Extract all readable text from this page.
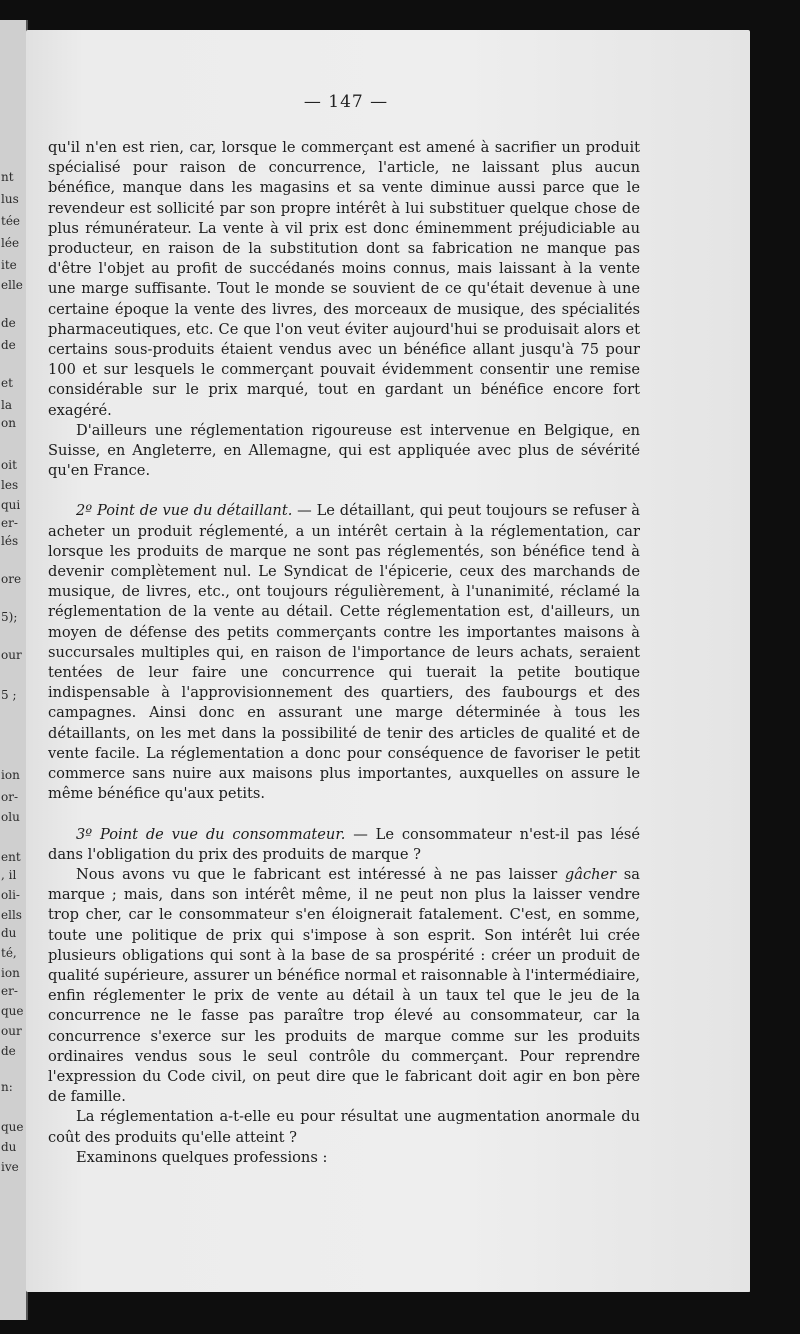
nt
lus
tée
lée
ite
elle
de
de
et
la
on
oit
les
qui
er-
lés
ore
5);
our
5 ;
ion
or-
olu
ent
, il
oli-
ells
du
té,
ion
er-
que
our
de
n:
que
du
ive
— 147 —

qu'il n'en est rien, car, lorsque le commerçant est amené à sacrifier un produit spécialisé pour raison de concurrence, l'article, ne laissant plus aucun bénéfice, manque dans les magasins et sa vente diminue aussi parce que le revendeur est sollicité par son propre intérêt à lui substituer quelque chose de plus rémunérateur. La vente à vil prix est donc éminemment préjudiciable au producteur, en raison de la substitution dont sa fabrication ne manque pas d'être l'objet au profit de succédanés moins connus, mais laissant à la vente une marge suffisante. Tout le monde se souvient de ce qu'était devenue à une certaine époque la vente des livres, des morceaux de musique, des spécialités pharmaceutiques, etc. Ce que l'on veut éviter aujourd'hui se produisait alors et certains sous-produits étaient vendus avec un bénéfice allant jusqu'à 75 pour 100 et sur lesquels le commerçant pouvait évidemment consentir une remise considérable sur le prix marqué, tout en gardant un bénéfice encore fort exagéré.

D'ailleurs une réglementation rigoureuse est intervenue en Belgique, en Suisse, en Angleterre, en Allemagne, qui est appliquée avec plus de sévérité qu'en France.

2º Point de vue du détaillant. — Le détaillant, qui peut toujours se refuser à acheter un produit réglementé, a un intérêt certain à la réglementation, car lorsque les produits de marque ne sont pas réglementés, son bénéfice tend à devenir complètement nul. Le Syndicat de l'épicerie, ceux des marchands de musique, de livres, etc., ont toujours régulièrement, à l'unanimité, réclamé la réglementation de la vente au détail. Cette réglementation est, d'ailleurs, un moyen de défense des petits commerçants contre les importantes maisons à succursales multiples qui, en raison de l'importance de leurs achats, seraient tentées de leur faire une concurrence qui tuerait la petite boutique indispensable à l'approvisionnement des quartiers, des faubourgs et des campagnes. Ainsi donc en assurant une marge déterminée à tous les détaillants, on les met dans la possibilité de tenir des articles de qualité et de vente facile. La réglementation a donc pour conséquence de favoriser le petit commerce sans nuire aux maisons plus importantes, auxquelles on assure le même bénéfice qu'aux petits.

3º Point de vue du consommateur. — Le consommateur n'est-il pas lésé dans l'obligation du prix des produits de marque ?

Nous avons vu que le fabricant est intéressé à ne pas laisser gâcher sa marque ; mais, dans son intérêt même, il ne peut non plus la laisser vendre trop cher, car le consommateur s'en éloignerait fatalement. C'est, en somme, toute une politique de prix qui s'impose à son esprit. Son intérêt lui crée plusieurs obligations qui sont à la base de sa prospérité : créer un produit de qualité supérieure, assurer un bénéfice normal et raisonnable à l'intermédiaire, enfin réglementer le prix de vente au détail à un taux tel que le jeu de la concurrence ne le fasse pas paraître trop élevé au consommateur, car la concurrence s'exerce sur les produits de marque comme sur les produits ordinaires vendus sous le seul contrôle du commerçant. Pour reprendre l'expression du Code civil, on peut dire que le fabricant doit agir en bon père de famille.

La réglementation a-t-elle eu pour résultat une augmentation anormale du coût des produits qu'elle atteint ?

Examinons quelques professions :
